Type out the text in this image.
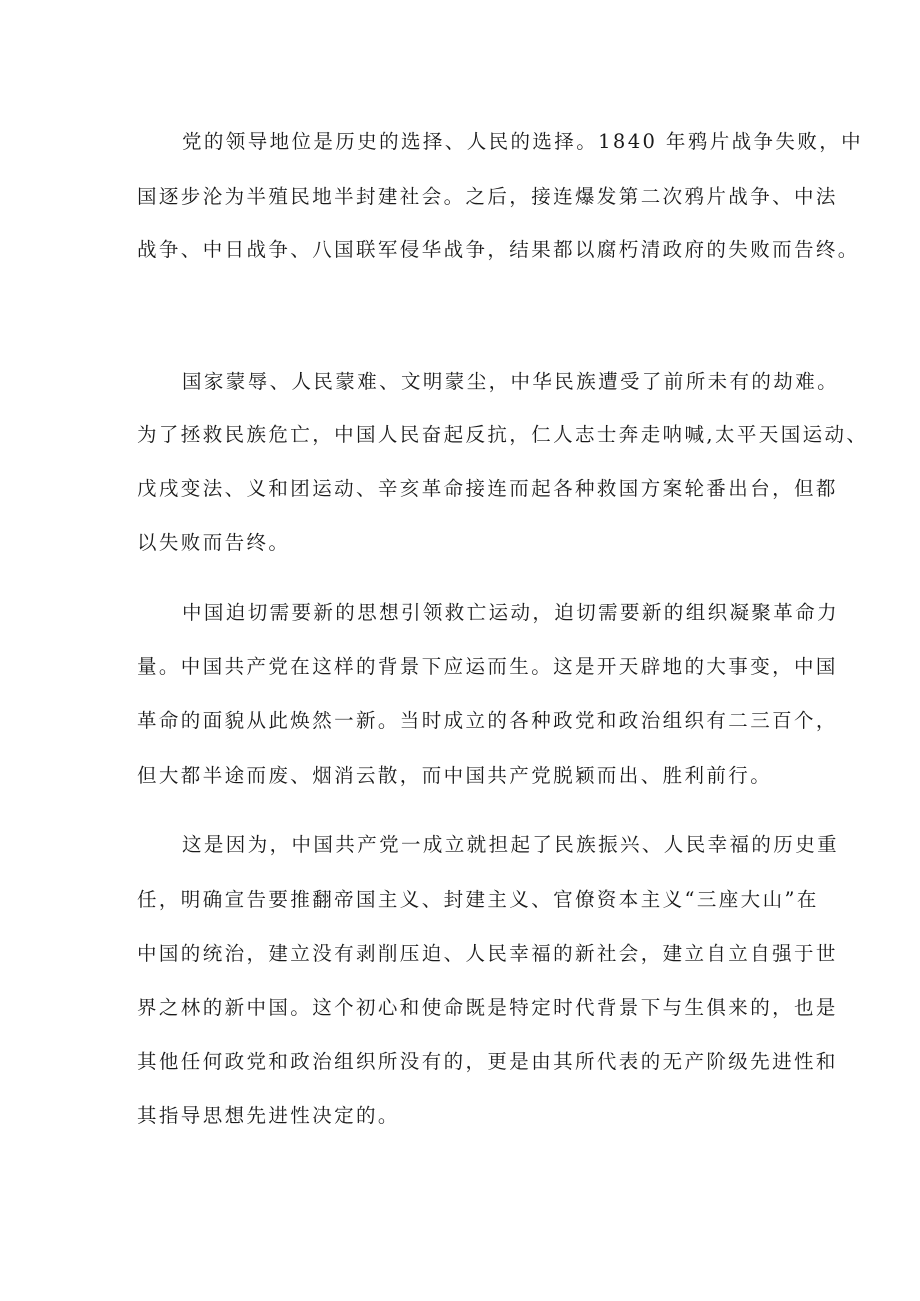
党的领导地位是历史的选择、人民的选择。1840 年鸦片战争失败，中
国逐步沦为半殖民地半封建社会。之后，接连爆发第二次鸦片战争、中法
战争、中日战争、八国联军侵华战争，结果都以腐朽清政府的失败而告终。
国家蒙辱、人民蒙难、文明蒙尘，中华民族遭受了前所未有的劫难。
为了拯救民族危亡，中国人民奋起反抗，仁人志士奔走呐喊,太平天国运动、
戊戌变法、义和团运动、辛亥革命接连而起各种救国方案轮番出台，但都
以失败而告终。
中国迫切需要新的思想引领救亡运动，迫切需要新的组织凝聚革命力
量。中国共产党在这样的背景下应运而生。这是开天辟地的大事变，中国
革命的面貌从此焕然一新。当时成立的各种政党和政治组织有二三百个，
但大都半途而废、烟消云散，而中国共产党脱颖而出、胜利前行。
这是因为，中国共产党一成立就担起了民族振兴、人民幸福的历史重
任，明确宣告要推翻帝国主义、封建主义、官僚资本主义“三座大山”在
中国的统治，建立没有剥削压迫、人民幸福的新社会，建立自立自强于世
界之林的新中国。这个初心和使命既是特定时代背景下与生俱来的，也是
其他任何政党和政治组织所没有的，更是由其所代表的无产阶级先进性和
其指导思想先进性决定的。
